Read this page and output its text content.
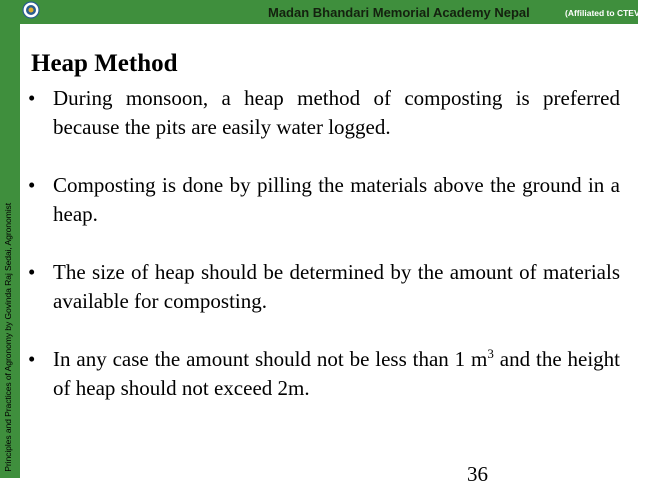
Principles and Practices of Agronomy by Govinda Raj Sedai, Agronomist
Madan Bhandari Memorial Academy Nepal	(Affiliated to CTEVT)
Heap Method
• During monsoon, a heap method of composting is preferred because the pits are easily water logged.
• Composting is done by pilling the materials above the ground in a heap.
• The size of heap should be determined by the amount of materials available for composting.
• In any case the amount should not be less than 1 $m^3$ and the height of heap should not exceed 2m.
36
